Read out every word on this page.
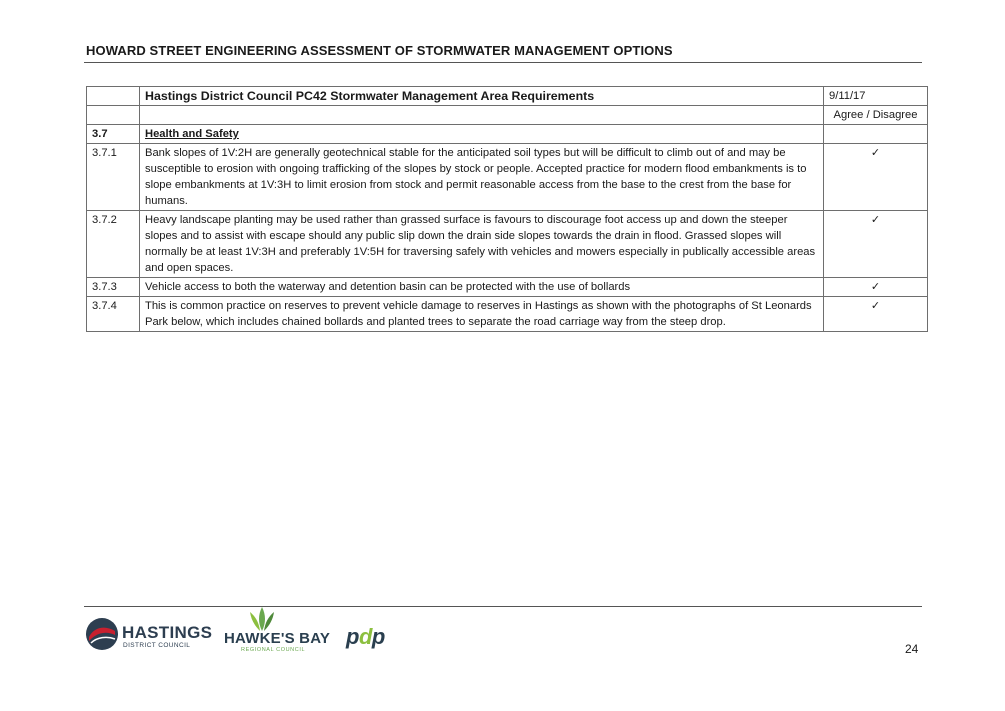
HOWARD STREET ENGINEERING ASSESSMENT OF STORMWATER MANAGEMENT OPTIONS
	Hastings District Council PC42 Stormwater Management Area Requirements	9/11/17
		Agree / Disagree
3.7	Health and Safety	
3.7.1	Bank slopes of 1V:2H are generally geotechnical stable for the anticipated soil types but will be difficult to climb out of and may be susceptible to erosion with ongoing trafficking of the slopes by stock or people. Accepted practice for modern flood embankments is to slope embankments at 1V:3H to limit erosion from stock and permit reasonable access from the base to the crest from the base for humans.	✓
3.7.2	Heavy landscape planting may be used rather than grassed surface is favours to discourage foot access up and down the steeper slopes and to assist with escape should any public slip down the drain side slopes towards the drain in flood. Grassed slopes will normally be at least 1V:3H and preferably 1V:5H for traversing safely with vehicles and mowers especially in publically accessible areas and open spaces.	✓
3.7.3	Vehicle access to both the waterway and detention basin can be protected with the use of bollards	✓
3.7.4	This is common practice on reserves to prevent vehicle damage to reserves in Hastings as shown with the photographs of St Leonards Park below, which includes chained bollards and planted trees to separate the road carriage way from the steep drop.	✓
HASTINGS
DISTRICT COUNCIL HAWKE'S BAY
REGIONAL COUNCIL
pdp	24
